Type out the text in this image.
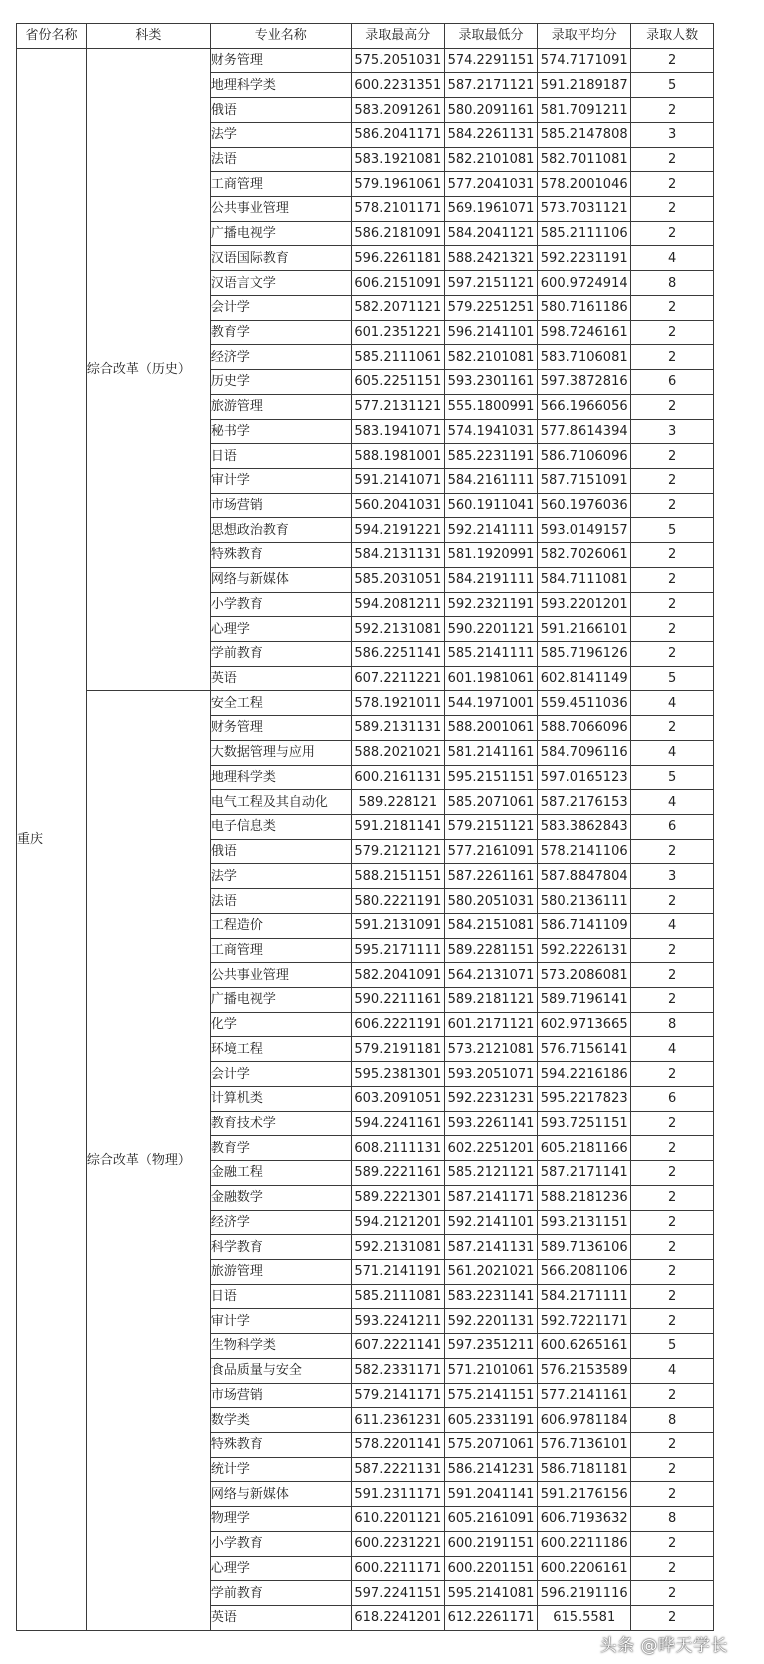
省份名称	科类	专业名称	录取最高分	录取最低分	录取平均分	录取人数
重庆	综合改革（历史）	财务管理	575.2051031	574.2291151	574.7171091	2
		地理科学类	600.2231351	587.2171121	591.2189187	5
		俄语	583.2091261	580.2091161	581.7091211	2
		法学	586.2041171	584.2261131	585.2147808	3
		法语	583.1921081	582.2101081	582.7011081	2
		工商管理	579.1961061	577.2041031	578.2001046	2
		公共事业管理	578.2101171	569.1961071	573.7031121	2
		广播电视学	586.2181091	584.2041121	585.2111106	2
		汉语国际教育	596.2261181	588.2421321	592.2231191	4
		汉语言文学	606.2151091	597.2151121	600.9724914	8
		会计学	582.2071121	579.2251251	580.7161186	2
		教育学	601.2351221	596.2141101	598.7246161	2
		经济学	585.2111061	582.2101081	583.7106081	2
		历史学	605.2251151	593.2301161	597.3872816	6
		旅游管理	577.2131121	555.1800991	566.1966056	2
		秘书学	583.1941071	574.1941031	577.8614394	3
		日语	588.1981001	585.2231191	586.7106096	2
		审计学	591.2141071	584.2161111	587.7151091	2
		市场营销	560.2041031	560.1911041	560.1976036	2
		思想政治教育	594.2191221	592.2141111	593.0149157	5
		特殊教育	584.2131131	581.1920991	582.7026061	2
		网络与新媒体	585.2031051	584.2191111	584.7111081	2
		小学教育	594.2081211	592.2321191	593.2201201	2
		心理学	592.2131081	590.2201121	591.2166101	2
		学前教育	586.2251141	585.2141111	585.7196126	2
		英语	607.2211221	601.1981061	602.8141149	5
	综合改革（物理）	安全工程	578.1921011	544.1971001	559.4511036	4
		财务管理	589.2131131	588.2001061	588.7066096	2
		大数据管理与应用	588.2021021	581.2141161	584.7096116	4
		地理科学类	600.2161131	595.2151151	597.0165123	5
		电气工程及其自动化	589.228121	585.2071061	587.2176153	4
		电子信息类	591.2181141	579.2151121	583.3862843	6
		俄语	579.2121121	577.2161091	578.2141106	2
		法学	588.2151151	587.2261161	587.8847804	3
		法语	580.2221191	580.2051031	580.2136111	2
		工程造价	591.2131091	584.2151081	586.7141109	4
		工商管理	595.2171111	589.2281151	592.2226131	2
		公共事业管理	582.2041091	564.2131071	573.2086081	2
		广播电视学	590.2211161	589.2181121	589.7196141	2
		化学	606.2221191	601.2171121	602.9713665	8
		环境工程	579.2191181	573.2121081	576.7156141	4
		会计学	595.2381301	593.2051071	594.2216186	2
		计算机类	603.2091051	592.2231231	595.2217823	6
		教育技术学	594.2241161	593.2261141	593.7251151	2
		教育学	608.2111131	602.2251201	605.2181166	2
		金融工程	589.2221161	585.2121121	587.2171141	2
		金融数学	589.2221301	587.2141171	588.2181236	2
		经济学	594.2121201	592.2141101	593.2131151	2
		科学教育	592.2131081	587.2141131	589.7136106	2
		旅游管理	571.2141191	561.2021021	566.2081106	2
		日语	585.2111081	583.2231141	584.2171111	2
		审计学	593.2241211	592.2201131	592.7221171	2
		生物科学类	607.2221141	597.2351211	600.6265161	5
		食品质量与安全	582.2331171	571.2101061	576.2153589	4
		市场营销	579.2141171	575.2141151	577.2141161	2
		数学类	611.2361231	605.2331191	606.9781184	8
		特殊教育	578.2201141	575.2071061	576.7136101	2
		统计学	587.2221131	586.2141231	586.7181181	2
		网络与新媒体	591.2311171	591.2041141	591.2176156	2
		物理学	610.2201121	605.2161091	606.7193632	8
		小学教育	600.2231221	600.2191151	600.2211186	2
		心理学	600.2211171	600.2201151	600.2206161	2
		学前教育	597.2241151	595.2141081	596.2191116	2
		英语	618.2241201	612.2261171	615.5581	2
头条 @晔天学长
